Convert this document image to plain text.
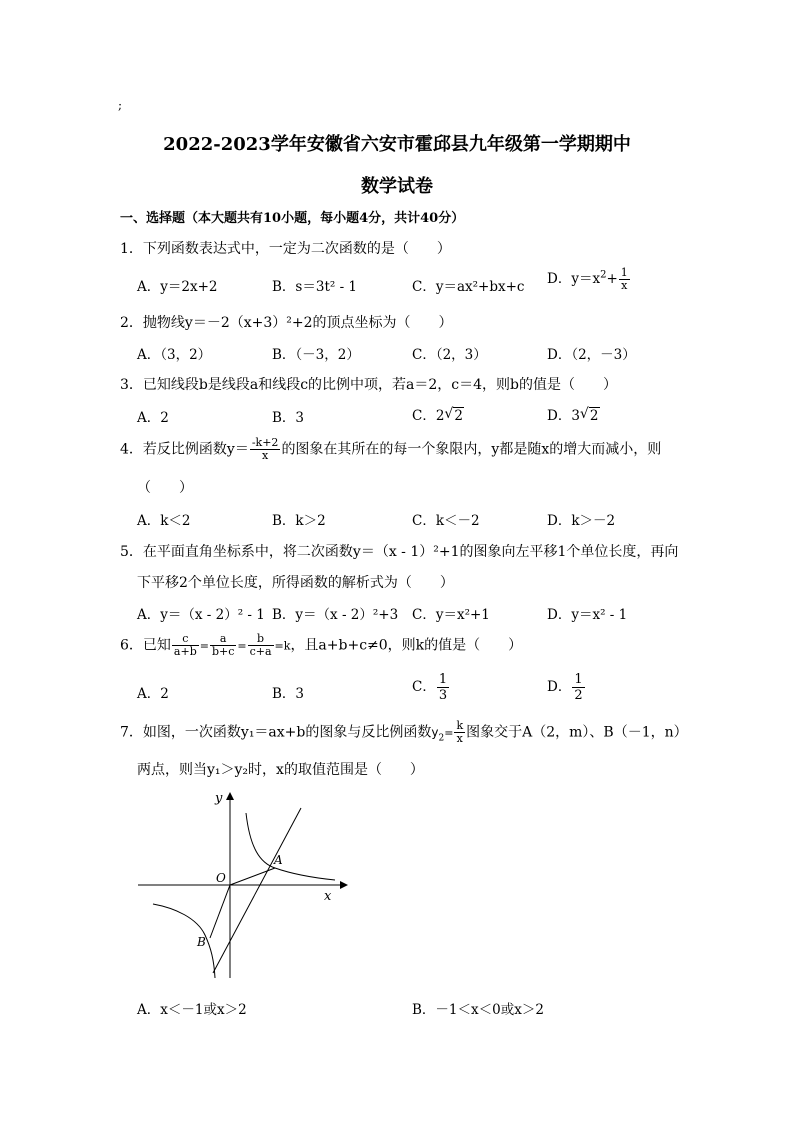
;
2022-2023学年安徽省六安市霍邱县九年级第一学期期中
数学试卷
一、选择题（本大题共有10小题，每小题4分，共计40分）
1．下列函数表达式中，一定为二次函数的是（　　）
A．y＝2x+2	B．s＝3t² - 1	C．y＝ax²+bx+c D．$y=x^2+ \frac{1}{x}$
2．抛物线y＝－2（x+3）²+2的顶点坐标为（　　）
A．（3，2）	B．（－3，2）	C．（2，3）	D．（2，－3）
3．已知线段b是线段a和线段c的比例中项，若a＝2，c＝4，则b的值是（　　）
A．2	B．3	C．2 √ 2	D．3 √ 2
4．若反比例函数$y= \frac{-k+2}{x}$ 的图象在其所在的每一个象限内，y都是随x的增大而减小，则
（　　）
A．k＜2	B．k＞2	C．k＜－2	D．k＞－2
5．在平面直角坐标系中，将二次函数y＝（x - 1）²+1的图象向左平移1个单位长度，再向
下平移2个单位长度，所得函数的解析式为（　　）
A．y＝（x - 2）² - 1 B．y＝（x - 2）²+3 C．y＝x²+1	D．y＝x² - 1
6．已知 $\frac{c}{a+b} = \frac{a}{b+c} = \frac{b}{c+a} =k$，且a+b+c≠0，则k的值是（　　）
A．2	B．3	C． $\frac{1}{3}$	D． $\frac{1}{2}$
7．如图，一次函数y₁＝ax+b的图象与反比例函数$y_2= \frac{k}{x}$ 图象交于A（2，m）、B（－1，n）
两点，则当y₁＞y₂时，x的取值范围是（　　）
y
x
O
A
B
A．x＜－1或x＞2	B．－1＜x＜0或x＞2
